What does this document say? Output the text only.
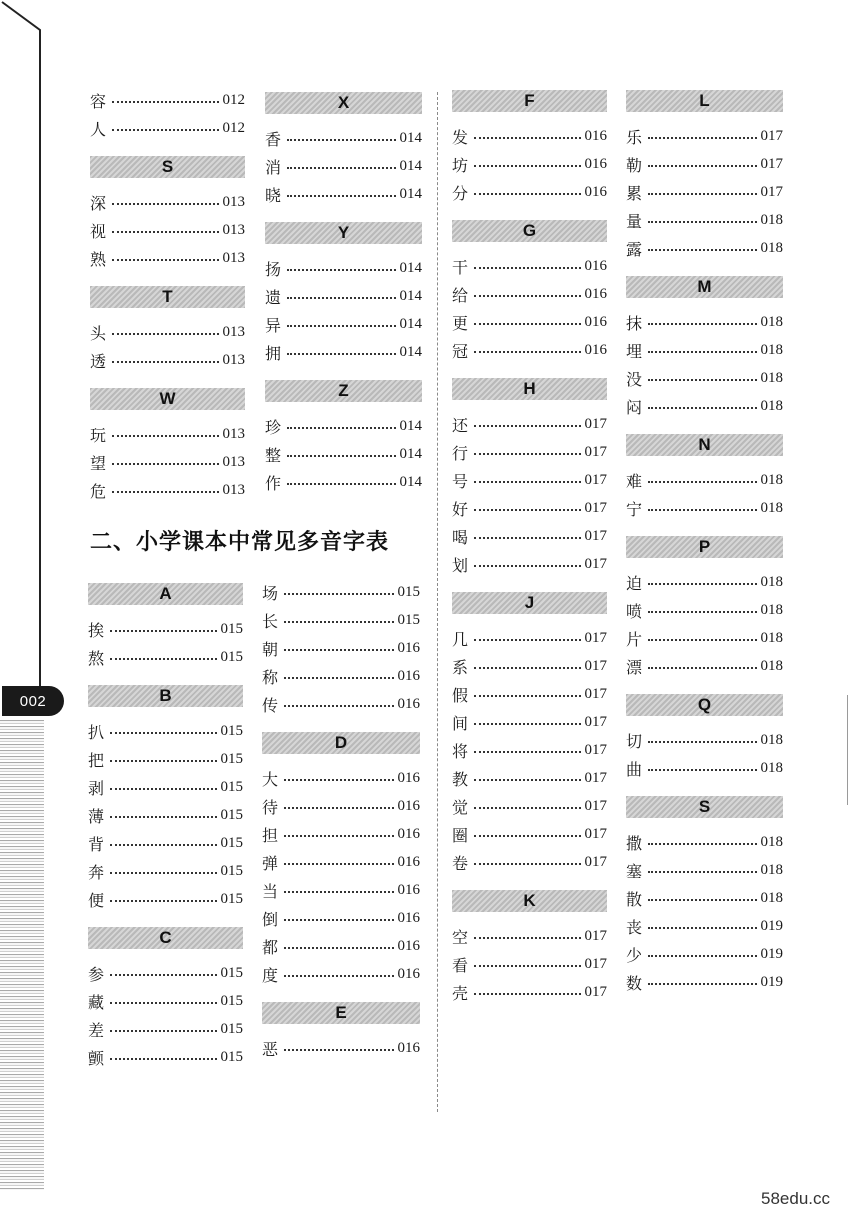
002
二、小学课本中常见多音字表
容	012
人	012
S
深	013
视	013
熟	013
T
头	013
透	013
W
玩	013
望	013
危	013
X
香	014
消	014
晓	014
Y
扬	014
遗	014
异	014
拥	014
Z
珍	014
整	014
作	014
A
挨	015
熬	015
B
扒	015
把	015
剥	015
薄	015
背	015
奔	015
便	015
C
参	015
藏	015
差	015
颤	015
场	015
长	015
朝	016
称	016
传	016
D
大	016
待	016
担	016
弹	016
当	016
倒	016
都	016
度	016
E
恶	016
F
发	016
坊	016
分	016
G
干	016
给	016
更	016
冠	016
H
还	017
行	017
号	017
好	017
喝	017
划	017
J
几	017
系	017
假	017
间	017
将	017
教	017
觉	017
圈	017
卷	017
K
空	017
看	017
壳	017
L
乐	017
勒	017
累	017
量	018
露	018
M
抹	018
埋	018
没	018
闷	018
N
难	018
宁	018
P
迫	018
喷	018
片	018
漂	018
Q
切	018
曲	018
S
撒	018
塞	018
散	018
丧	019
少	019
数	019
58edu.cc
